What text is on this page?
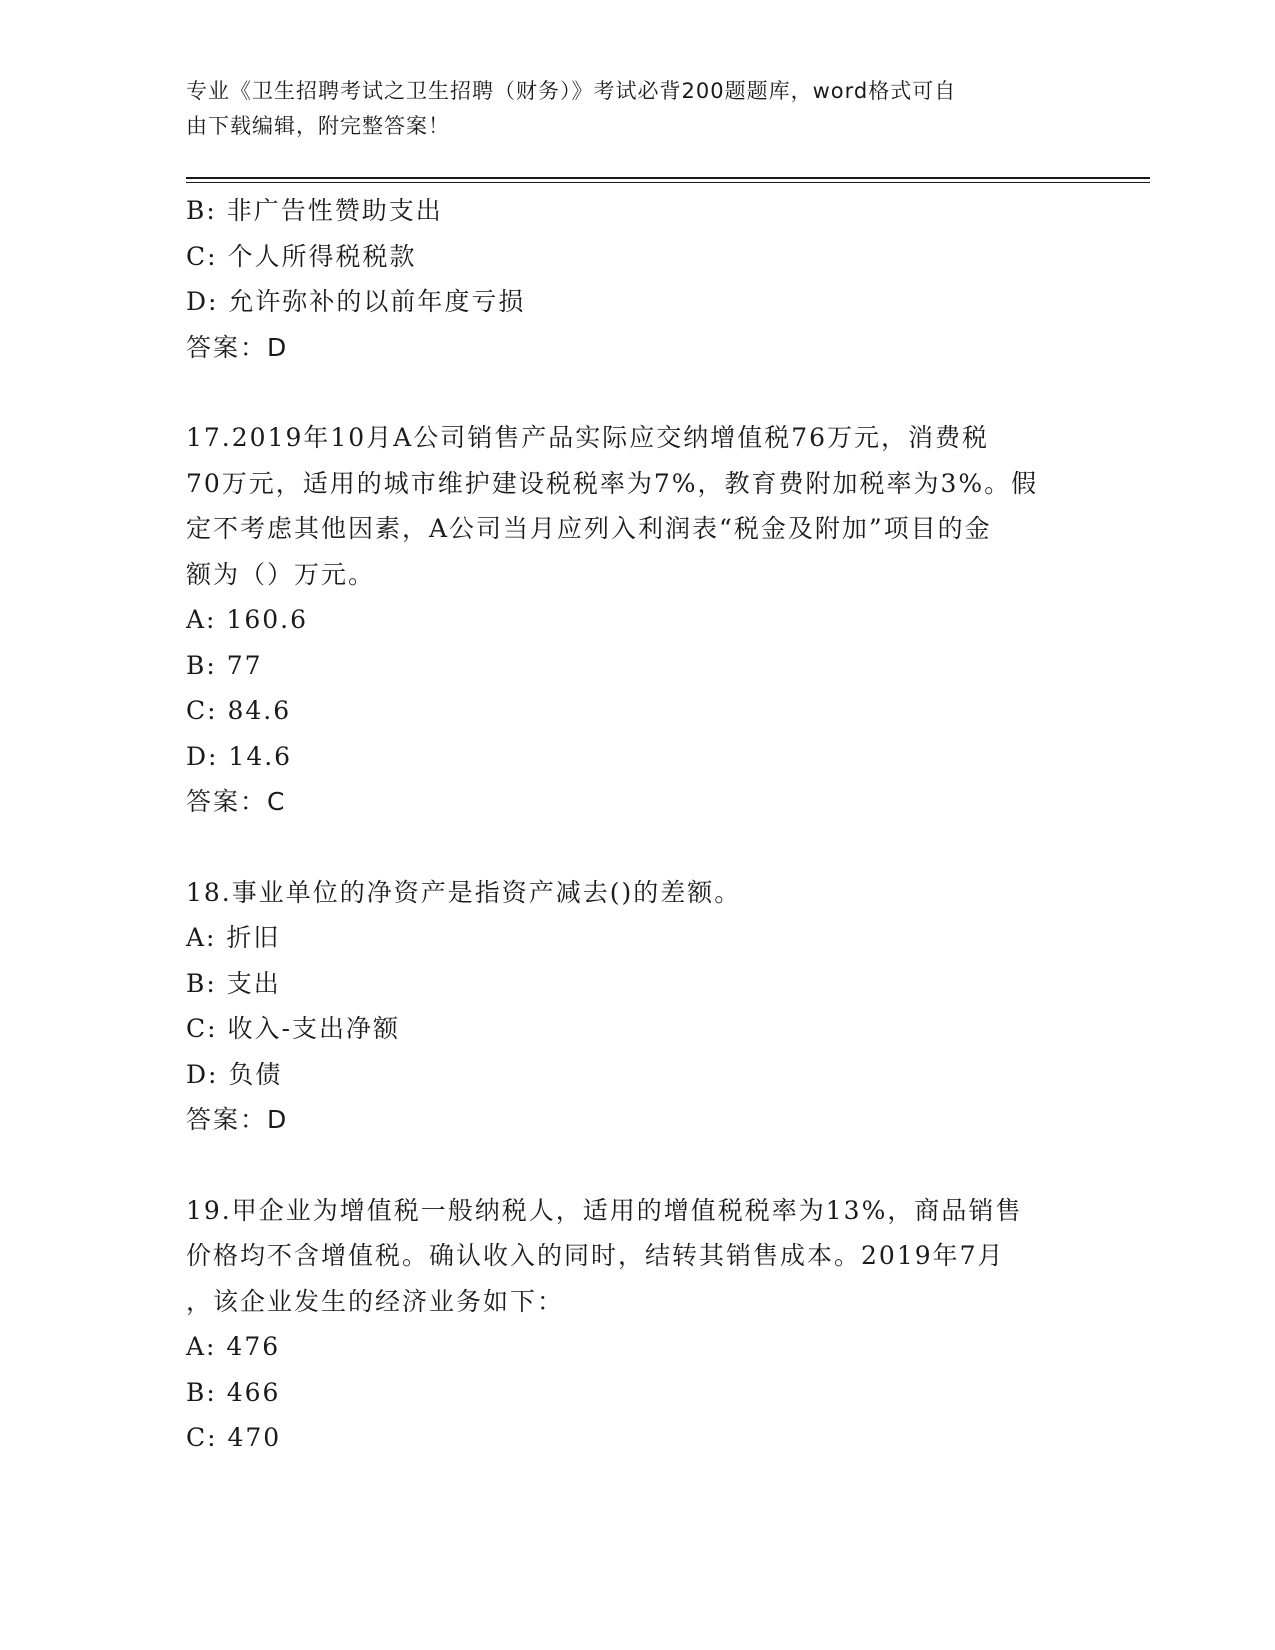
专业《卫生招聘考试之卫生招聘（财务）》考试必背200题题库，word格式可自
由下载编辑，附完整答案！
B: 非广告性赞助支出
C: 个人所得税税款
D: 允许弥补的以前年度亏损
答案：D
17.2019年10月A公司销售产品实际应交纳增值税76万元，消费税
70万元，适用的城市维护建设税税率为7%，教育费附加税率为3%。假
定不考虑其他因素，A公司当月应列入利润表“税金及附加”项目的金
额为（）万元。
A: 160.6
B: 77
C: 84.6
D: 14.6
答案：C
18.事业单位的净资产是指资产减去()的差额。
A: 折旧
B: 支出
C: 收入-支出净额
D: 负债
答案：D
19.甲企业为增值税一般纳税人，适用的增值税税率为13%，商品销售
价格均不含增值税。确认收入的同时，结转其销售成本。2019年7月
，该企业发生的经济业务如下：
A: 476
B: 466
C: 470
